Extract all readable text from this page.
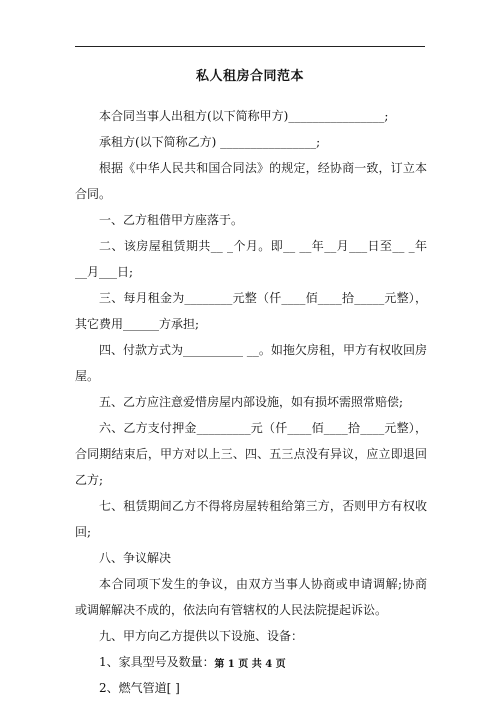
私人租房合同范本

本合同当事人出租方(以下简称甲方)________________;

承租方(以下简称乙方) ________________;

根据《中华人民共和国合同法》的规定，经协商一致，订立本合同。

一、乙方租借甲方座落于。

二、该房屋租赁期共__ _个月。即__ __年__月___日至__ _年__月___日;

三、每月租金为________元整（仟____佰____拾_____元整），其它费用______方承担;

四、付款方式为__________ __。如拖欠房租，甲方有权收回房屋。

五、乙方应注意爱惜房屋内部设施，如有损坏需照常赔偿;

六、乙方支付押金_________元（仟____佰____拾____元整），合同期结束后，甲方对以上三、四、五三点没有异议，应立即退回乙方;

七、租赁期间乙方不得将房屋转租给第三方，否则甲方有权收回;

八、争议解决

本合同项下发生的争议，由双方当事人协商或申请调解;协商或调解解决不成的，依法向有管辖权的人民法院提起诉讼。

九、甲方向乙方提供以下设施、设备：

1、家具型号及数量：

2、燃气管道[ ]

第 1 页 共 4 页
